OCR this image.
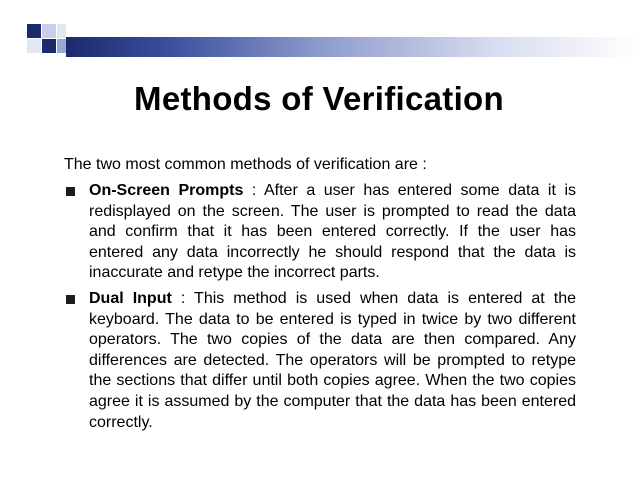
Methods of Verification
The two most common methods of verification are :
On-Screen Prompts : After a user has entered some data it is redisplayed on the screen. The user is prompted to read the data and confirm that it has been entered correctly. If the user has entered any data incorrectly he should respond that the data is inaccurate and retype the incorrect parts.
Dual Input : This method is used when data is entered at the keyboard. The data to be entered is typed in twice by two different operators. The two copies of the data are then compared. Any differences are detected. The operators will be prompted to retype the sections that differ until both copies agree. When the two copies agree it is assumed by the computer that the data has been entered correctly.
